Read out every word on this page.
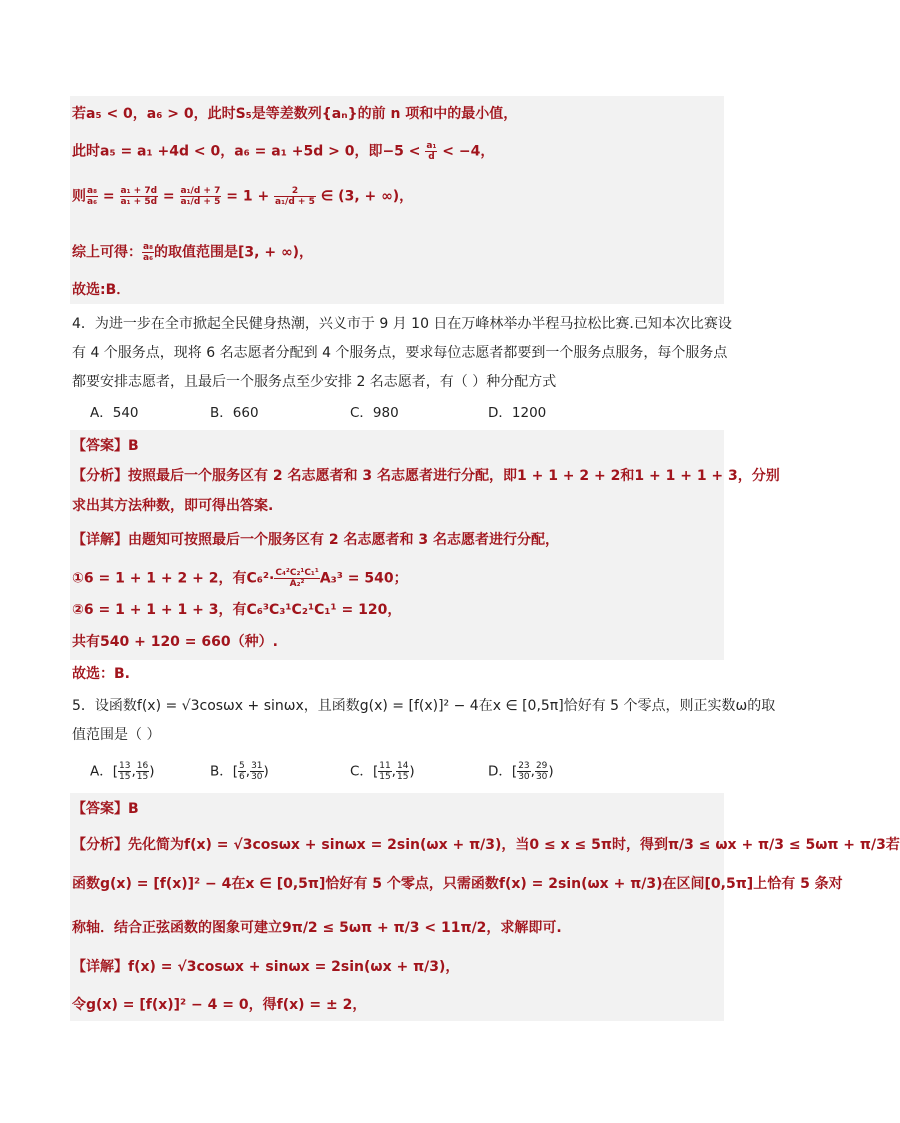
若a₅ < 0，a₆ > 0，此时S₅是等差数列{aₙ}的前 n 项和中的最小值，
此时a₅ = a₁ +4d < 0，a₆ = a₁ +5d > 0，即$-5 < \frac{\text{a₁}}{d} < -4$，
则 $\frac{\text{a₈}}{\text{a₆}} = \frac{\text{a₁ + 7d}}{\text{a₁ + 5d}} = \frac{\text{a₁/d + 7}}{\text{a₁/d + 5}} = 1 + \frac{2}{\text{a₁/d + 5}}$ ∈ (3, + ∞)，
综上可得： $\frac{\text{a₈}}{\text{a₆}}$ 的取值范围是[3, + ∞)，
故选:B．
4．为进一步在全市掀起全民健身热潮，兴义市于 9 月 10 日在万峰林举办半程马拉松比赛.已知本次比赛设
有 4 个服务点，现将 6 名志愿者分配到 4 个服务点，要求每位志愿者都要到一个服务点服务，每个服务点
都要安排志愿者，且最后一个服务点至少安排 2 名志愿者，有（ ）种分配方式
A．540	B．660	C．980	D．1200
【答案】B
【分析】按照最后一个服务区有 2 名志愿者和 3 名志愿者进行分配，即1 + 1 + 2 + 2和1 + 1 + 1 + 3，分别
求出其方法种数，即可得出答案.
【详解】由题知可按照最后一个服务区有 2 名志愿者和 3 名志愿者进行分配，
①6 = 1 + 1 + 2 + 2，有$C_6^2\cdot \frac{\text{C₄²C₂¹C₁¹}}{\text{A₂²}} A_3^3 = 540$；
②6 = 1 + 1 + 1 + 3，有C₆³C₃¹C₂¹C₁¹ = 120，
共有540 + 120 = 660（种）.
故选：B.
5．设函数f(x) = √3cosωx + sinωx，且函数g(x) = [f(x)]² − 4在x ∈ [0,5π]恰好有 5 个零点，则正实数ω的取
值范围是（ ）
A．[ $\frac{13}{15}$ , $\frac{16}{15}$ )	B．[ $\frac{5}{6}$ , $\frac{31}{30}$ )	C．[ $\frac{11}{15}$ , $\frac{14}{15}$ )	D．[ $\frac{23}{30}$ , $\frac{29}{30}$ )
【答案】B
【分析】先化简为f(x) = √3cosωx + sinωx = 2sin(ωx + π/3)，当0 ≤ x ≤ 5π时，得到π/3 ≤ ωx + π/3 ≤ 5ωπ + π/3若
函数g(x) = [f(x)]² − 4在x ∈ [0,5π]恰好有 5 个零点，只需函数f(x) = 2sin(ωx + π/3)在区间[0,5π]上恰有 5 条对
称轴．结合正弦函数的图象可建立9π/2 ≤ 5ωπ + π/3 < 11π/2，求解即可.
【详解】f(x) = √3cosωx + sinωx = 2sin(ωx + π/3)，
令g(x) = [f(x)]² − 4 = 0，得f(x) = ± 2，
